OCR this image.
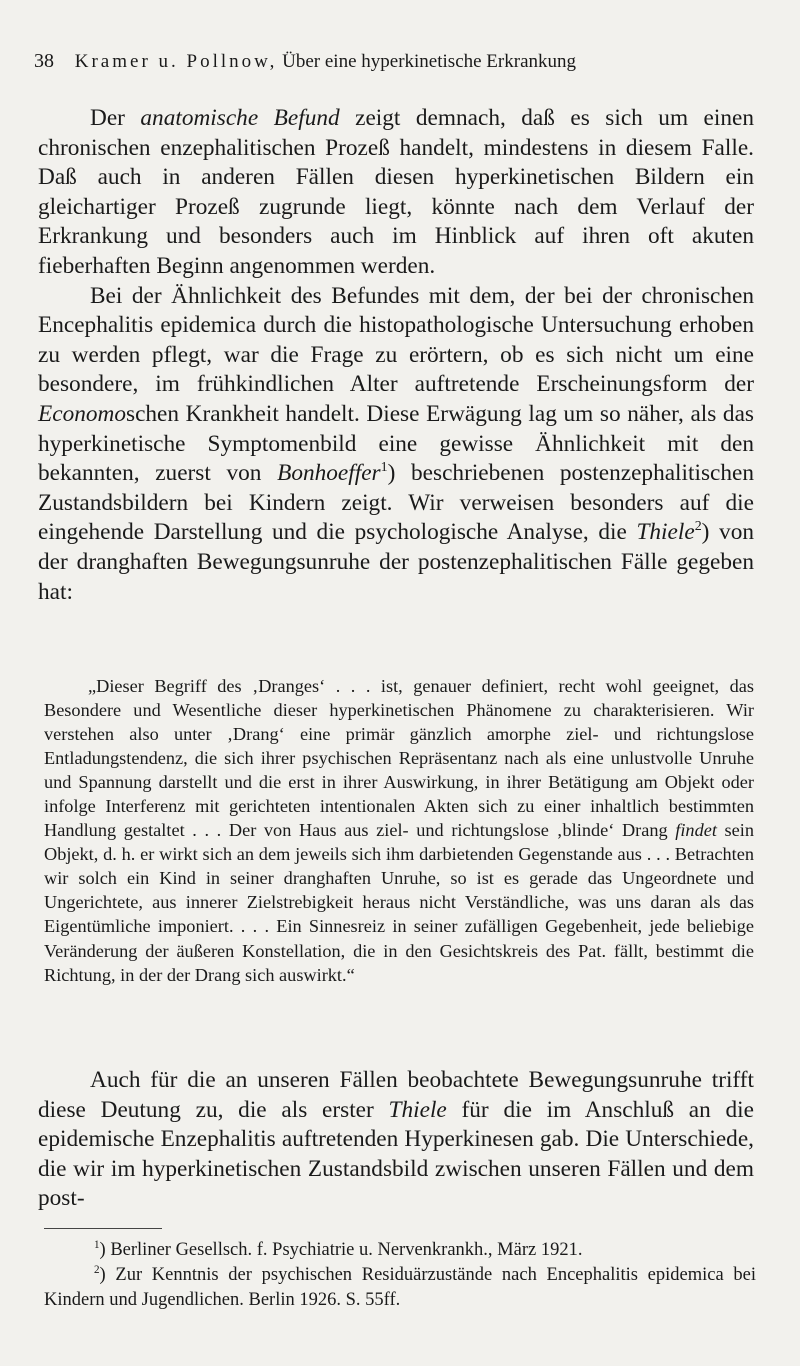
38 Kramer u. Pollnow, Über eine hyperkinetische Erkrankung

Der anatomische Befund zeigt demnach, daß es sich um einen chronischen enzephalitischen Prozeß handelt, mindestens in diesem Falle. Daß auch in anderen Fällen diesen hyperkinetischen Bildern ein gleichartiger Prozeß zugrunde liegt, könnte nach dem Verlauf der Erkrankung und besonders auch im Hinblick auf ihren oft akuten fieberhaften Beginn angenommen werden.

Bei der Ähnlichkeit des Befundes mit dem, der bei der chronischen Encephalitis epidemica durch die histopathologische Untersuchung erhoben zu werden pflegt, war die Frage zu erörtern, ob es sich nicht um eine besondere, im frühkindlichen Alter auftretende Erscheinungsform der Economoschen Krankheit handelt. Diese Erwägung lag um so näher, als das hyperkinetische Symptomenbild eine gewisse Ähnlichkeit mit den bekannten, zuerst von Bonhoeffer$^1$) beschriebenen postenzephalitischen Zustandsbildern bei Kindern zeigt. Wir verweisen besonders auf die eingehende Darstellung und die psychologische Analyse, die Thiele$^2$) von der dranghaften Bewegungsunruhe der postenzephalitischen Fälle gegeben hat:

„Dieser Begriff des ‚Dranges‘ . . . ist, genauer definiert, recht wohl geeignet, das Besondere und Wesentliche dieser hyperkinetischen Phänomene zu charakterisieren. Wir verstehen also unter ‚Drang‘ eine primär gänzlich amorphe ziel- und richtungslose Entladungstendenz, die sich ihrer psychischen Repräsentanz nach als eine unlustvolle Unruhe und Spannung darstellt und die erst in ihrer Auswirkung, in ihrer Betätigung am Objekt oder infolge Interferenz mit gerichteten intentionalen Akten sich zu einer inhaltlich bestimmten Handlung gestaltet . . . Der von Haus aus ziel- und richtungslose ‚blinde‘ Drang findet sein Objekt, d. h. er wirkt sich an dem jeweils sich ihm darbietenden Gegenstande aus . . . Betrachten wir solch ein Kind in seiner dranghaften Unruhe, so ist es gerade das Ungeordnete und Ungerichtete, aus innerer Zielstrebigkeit heraus nicht Verständliche, was uns daran als das Eigentümliche imponiert. . . . Ein Sinnesreiz in seiner zufälligen Gegebenheit, jede beliebige Veränderung der äußeren Konstellation, die in den Gesichtskreis des Pat. fällt, bestimmt die Richtung, in der der Drang sich auswirkt.“

Auch für die an unseren Fällen beobachtete Bewegungsunruhe trifft diese Deutung zu, die als erster Thiele für die im Anschluß an die epidemische Enzephalitis auftretenden Hyperkinesen gab. Die Unterschiede, die wir im hyperkinetischen Zustandsbild zwischen unseren Fällen und dem post-

$^1$) Berliner Gesellsch. f. Psychiatrie u. Nervenkrankh., März 1921.

$^2$) Zur Kenntnis der psychischen Residuärzustände nach Encephalitis epidemica bei Kindern und Jugendlichen. Berlin 1926. S. 55ff.
